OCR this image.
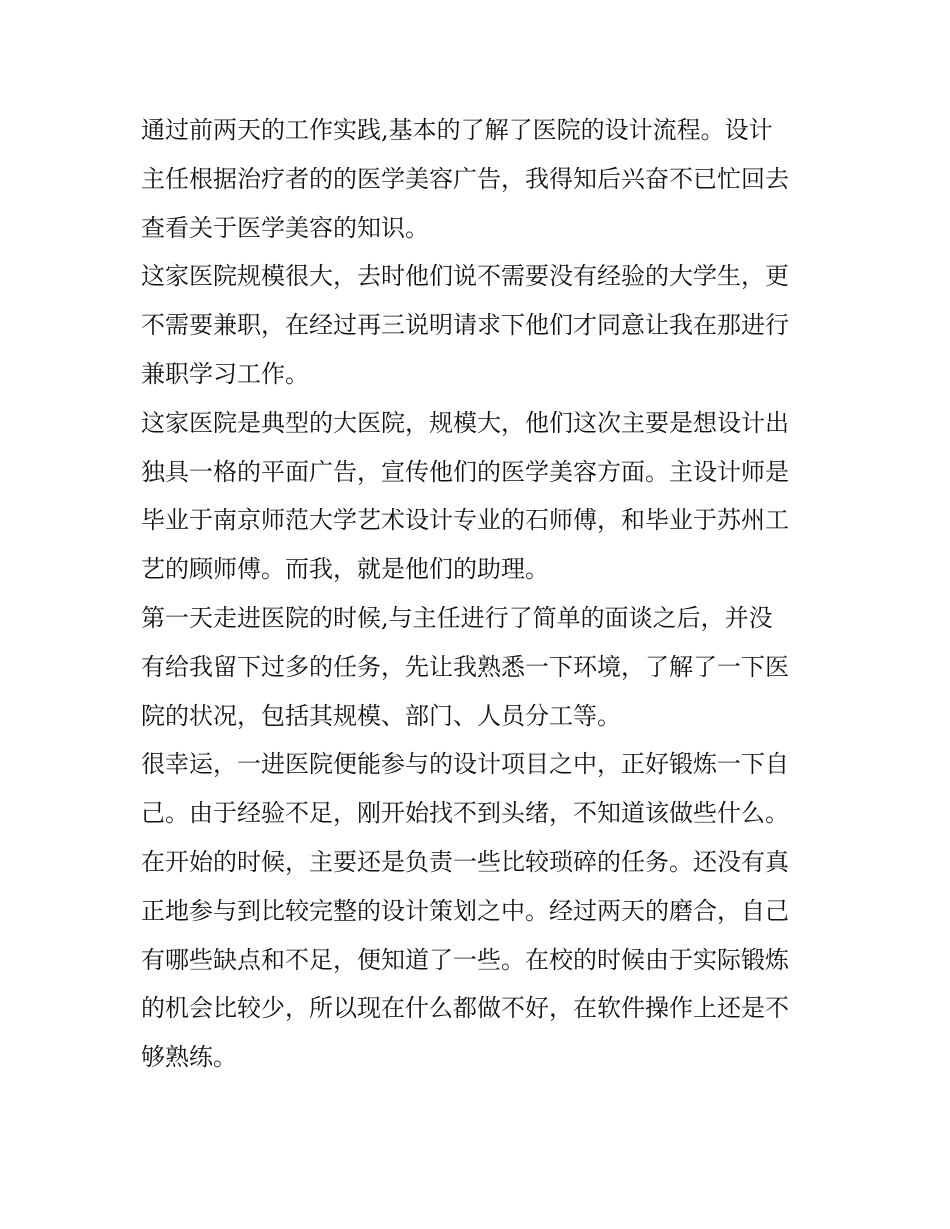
通过前两天的工作实践,基本的了解了医院的设计流程。设计
主任根据治疗者的的医学美容广告，我得知后兴奋不已忙回去
查看关于医学美容的知识。
这家医院规模很大，去时他们说不需要没有经验的大学生，更
不需要兼职，在经过再三说明请求下他们才同意让我在那进行
兼职学习工作。
这家医院是典型的大医院，规模大，他们这次主要是想设计出
独具一格的平面广告，宣传他们的医学美容方面。主设计师是
毕业于南京师范大学艺术设计专业的石师傅，和毕业于苏州工
艺的顾师傅。而我，就是他们的助理。
第一天走进医院的时候,与主任进行了简单的面谈之后，并没
有给我留下过多的任务，先让我熟悉一下环境，了解了一下医
院的状况，包括其规模、部门、人员分工等。
很幸运，一进医院便能参与的设计项目之中，正好锻炼一下自
己。由于经验不足，刚开始找不到头绪，不知道该做些什么。
在开始的时候，主要还是负责一些比较琐碎的任务。还没有真
正地参与到比较完整的设计策划之中。经过两天的磨合，自己
有哪些缺点和不足，便知道了一些。在校的时候由于实际锻炼
的机会比较少，所以现在什么都做不好，在软件操作上还是不
够熟练。
